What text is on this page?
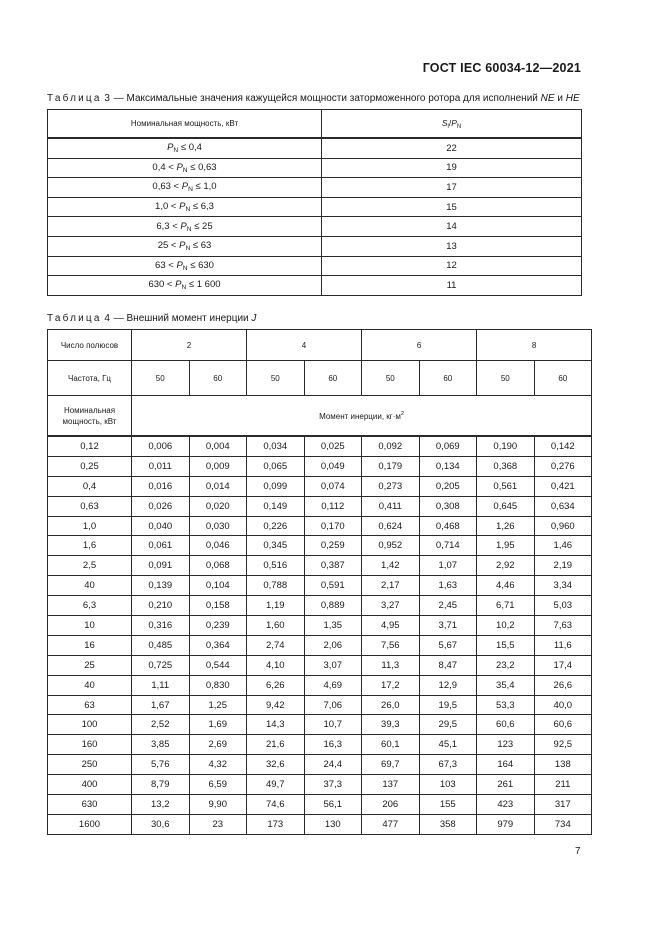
ГОСТ IEC 60034-12—2021
Таблица 3 — Максимальные значения кажущейся мощности заторможенного ротора для исполнений NE и HE
Номинальная мощность, кВт	$S_l/P_N$
$P_N \le 0,4$	22
$0,4 < P_N \le 0,63$	19
$0,63 < P_N \le 1,0$	17
$1,0 < P_N \le 6,3$	15
$6,3 < P_N \le 25$	14
$25 < P_N \le 63$	13
$63 < P_N \le 630$	12
$630 < P_N \le 1$ 600	11
Таблица 4 — Внешний момент инерции J
Число полюсов	2		4		6		8	
Частота, Гц	50	60	50	60	50	60	50	60
Номинальная
мощность, кВт	Момент инерции, $кг\cdot м^2$
0,12	0,006	0,004	0,034	0,025	0,092	0,069	0,190	0,142
0,25	0,011	0,009	0,065	0,049	0,179	0,134	0,368	0,276
0,4	0,016	0,014	0,099	0,074	0,273	0,205	0,561	0,421
0,63	0,026	0,020	0,149	0,112	0,411	0,308	0,645	0,634
1,0	0,040	0,030	0,226	0,170	0,624	0,468	1,26	0,960
1,6	0,061	0,046	0,345	0,259	0,952	0,714	1,95	1,46
2,5	0,091	0,068	0,516	0,387	1,42	1,07	2,92	2,19
40	0,139	0,104	0,788	0,591	2,17	1,63	4,46	3,34
6,3	0,210	0,158	1,19	0,889	3,27	2,45	6,71	5,03
10	0,316	0,239	1,60	1,35	4,95	3,71	10,2	7,63
16	0,485	0,364	2,74	2,06	7,56	5,67	15,5	11,6
25	0,725	0,544	4,10	3,07	11,3	8,47	23,2	17,4
40	1,11	0,830	6,26	4,69	17,2	12,9	35,4	26,6
63	1,67	1,25	9,42	7,06	26,0	19,5	53,3	40,0
100	2,52	1,69	14,3	10,7	39,3	29,5	60,6	60,6
160	3,85	2,69	21,6	16,3	60,1	45,1	123	92,5
250	5,76	4,32	32,6	24,4	69,7	67,3	164	138
400	8,79	6,59	49,7	37,3	137	103	261	211
630	13,2	9,90	74,6	56,1	206	155	423	317
1600	30,6	23	173	130	477	358	979	734
7
